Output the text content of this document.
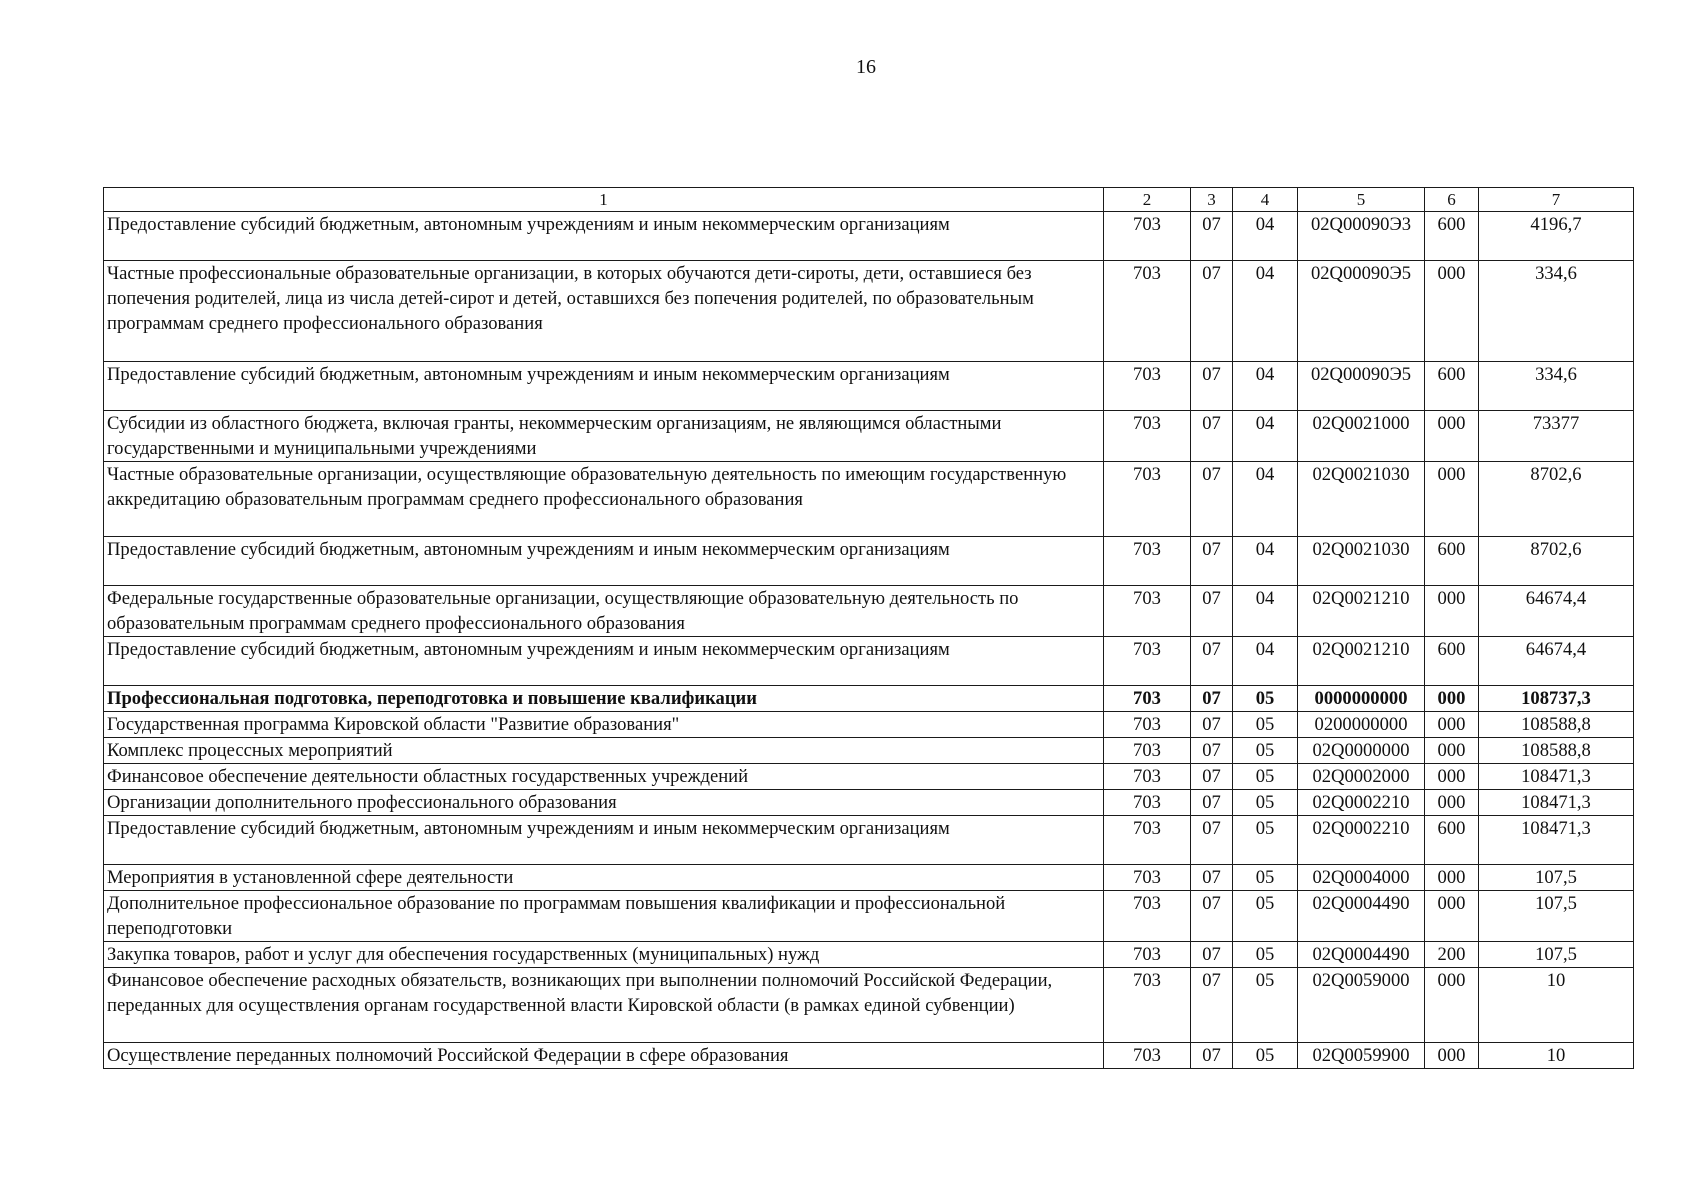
16
1	2	3	4	5	6	7
Предоставление субсидий бюджетным, автономным учреждениям и иным некоммерческим организациям	703	07	04	02Q00090Э3	600	4196,7
Частные профессиональные образовательные организации, в которых обучаются дети-сироты, дети, оставшиеся без попечения родителей, лица из числа детей-сирот и детей, оставшихся без попечения родителей, по образовательным программам среднего профессионального образования	703	07	04	02Q00090Э5	000	334,6
Предоставление субсидий бюджетным, автономным учреждениям и иным некоммерческим организациям	703	07	04	02Q00090Э5	600	334,6
Субсидии из областного бюджета, включая гранты, некоммерческим организациям, не являющимся областными государственными и муниципальными учреждениями	703	07	04	02Q0021000	000	73377
Частные образовательные организации, осуществляющие образовательную деятельность по имеющим государственную аккредитацию образовательным программам среднего профессионального образования	703	07	04	02Q0021030	000	8702,6
Предоставление субсидий бюджетным, автономным учреждениям и иным некоммерческим организациям	703	07	04	02Q0021030	600	8702,6
Федеральные государственные образовательные организации, осуществляющие образовательную деятельность по образовательным программам среднего профессионального образования	703	07	04	02Q0021210	000	64674,4
Предоставление субсидий бюджетным, автономным учреждениям и иным некоммерческим организациям	703	07	04	02Q0021210	600	64674,4
Профессиональная подготовка, переподготовка и повышение квалификации	703	07	05	0000000000	000	108737,3
Государственная программа Кировской области "Развитие образования"	703	07	05	0200000000	000	108588,8
Комплекс процессных мероприятий	703	07	05	02Q0000000	000	108588,8
Финансовое обеспечение деятельности областных государственных учреждений	703	07	05	02Q0002000	000	108471,3
Организации дополнительного профессионального образования	703	07	05	02Q0002210	000	108471,3
Предоставление субсидий бюджетным, автономным учреждениям и иным некоммерческим организациям	703	07	05	02Q0002210	600	108471,3
Мероприятия в установленной сфере деятельности	703	07	05	02Q0004000	000	107,5
Дополнительное профессиональное образование по программам повышения квалификации и профессиональной переподготовки	703	07	05	02Q0004490	000	107,5
Закупка товаров, работ и услуг для обеспечения государственных (муниципальных) нужд	703	07	05	02Q0004490	200	107,5
Финансовое обеспечение расходных обязательств, возникающих при выполнении полномочий Российской Федерации, переданных для осуществления органам государственной власти Кировской области (в рамках единой субвенции)	703	07	05	02Q0059000	000	10
Осуществление переданных полномочий Российской Федерации в сфере образования	703	07	05	02Q0059900	000	10
